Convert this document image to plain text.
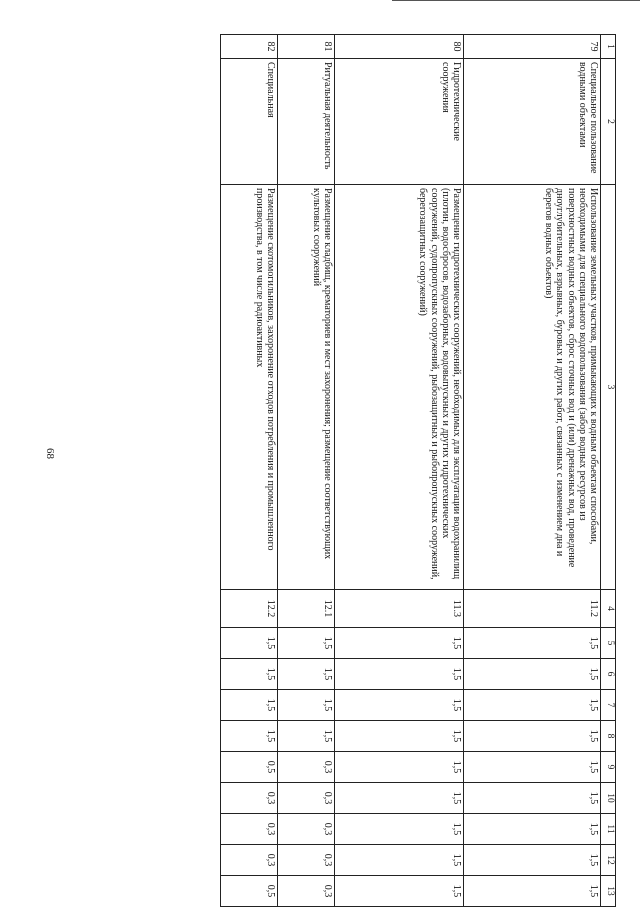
68
1	2	3	4	5	6	7	8	9	10	11	12	13
79	Специальное пользование водными объектами	Использование земельных участков, примыкающих к водным объектам способами, необходимыми для специального водопользования (забор водных ресурсов из поверхностных водных объектов, сброс сточных вод и (или) дренажных вод, проведение дноуглубительных, взрывных, буровых и других работ, связанных с изменением дна и берегов водных объектов)	11.2	1,5	1,5	1,5	1,5	1,5	1,5	1,5	1,5	1,5
80	Гидротехнические сооружения	Размещение гидротехнических сооружений, необходимых для эксплуатации водохранилищ (плотин, водосбросов, водозаборных, водовыпускных и других гидротехнических сооружений, судопропускных сооружений, рыбозащитных и рыбопропускных сооружений, берегозащитных сооружений)	11.3	1,5	1,5	1,5	1,5	1,5	1,5	1,5	1,5	1,5
81	Ритуальная деятельность	Размещение кладбищ, крематориев и мест захоронения; размещение соответствующих культовых сооружений	12.1	1,5	1,5	1,5	1,5	0,3	0,3	0,3	0,3	0,3
82	Специальная	Размещение скотомогильников, захоронение отходов потребления и промышленного производства, в том числе радиоактивных	12.2	1,5	1,5	1,5	1,5	0,5	0,3	0,3	0,3	0,5
